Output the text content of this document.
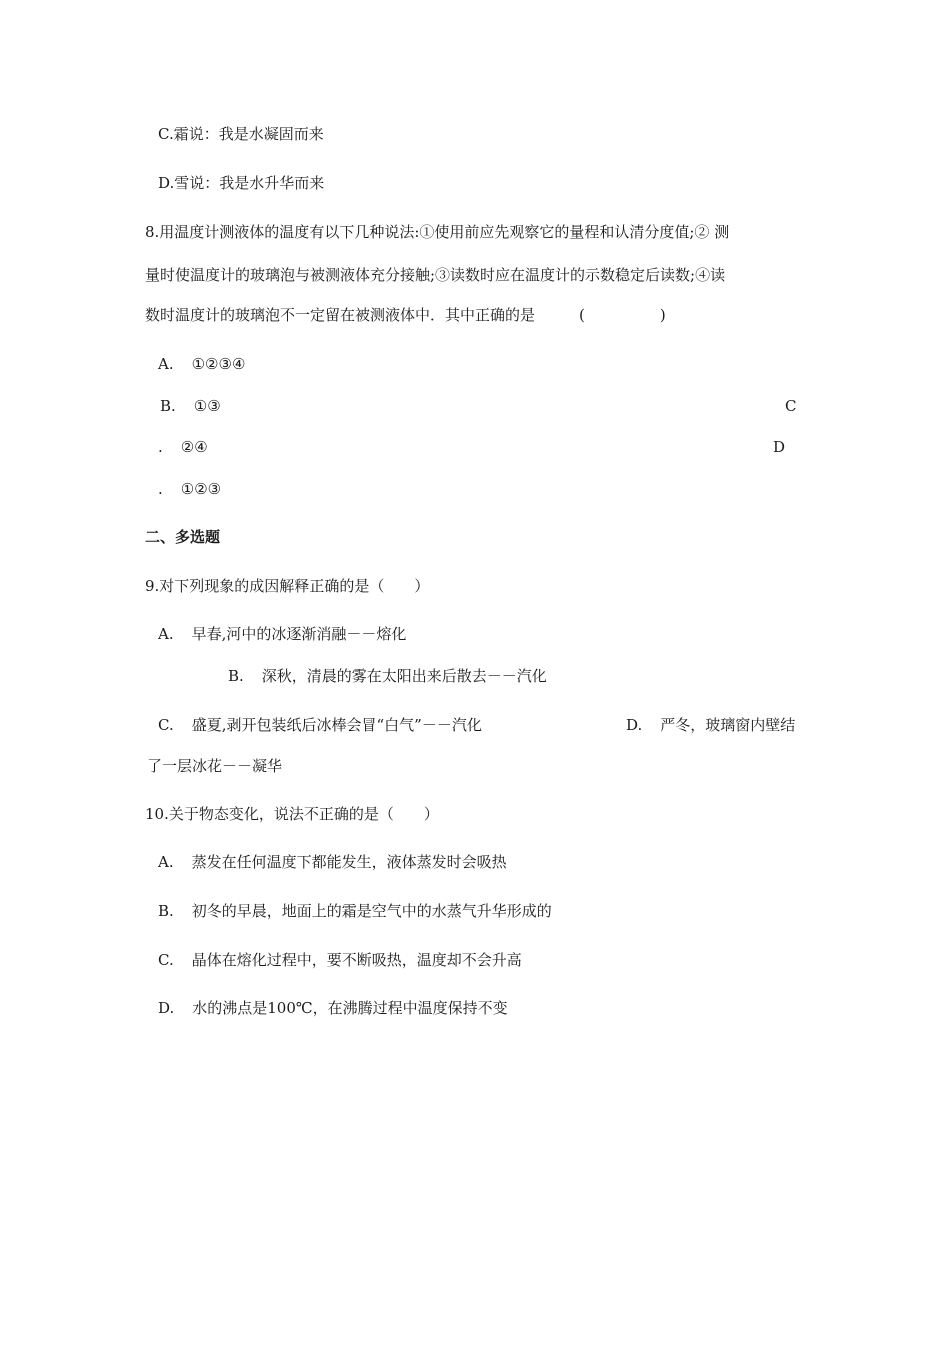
C.霜说：我是水凝固而来
D.雪说：我是水升华而来
8.用温度计测液体的温度有以下几种说法:①使用前应先观察它的量程和认清分度值;② 测
量时使温度计的玻璃泡与被测液体充分接触;③读数时应在温度计的示数稳定后读数;④读
数时温度计的玻璃泡不一定留在被测液体中．其中正确的是	(　　　　　)
A. ①②③④
B. ①③	C
. ②④	D
. ①②③
二、多选题
9.对下列现象的成因解释正确的是（　　）
A. 早春,河中的冰逐渐消融－－熔化
B. 深秋，清晨的雾在太阳出来后散去－－汽化
C. 盛夏,剥开包装纸后冰棒会冒“白气”－－汽化	D. 严冬，玻璃窗内壁结
了一层冰花－－凝华
10.关于物态变化，说法不正确的是（　　）
A. 蒸发在任何温度下都能发生，液体蒸发时会吸热
B. 初冬的早晨，地面上的霜是空气中的水蒸气升华形成的
C. 晶体在熔化过程中，要不断吸热，温度却不会升高
D. 水的沸点是100℃，在沸腾过程中温度保持不变
